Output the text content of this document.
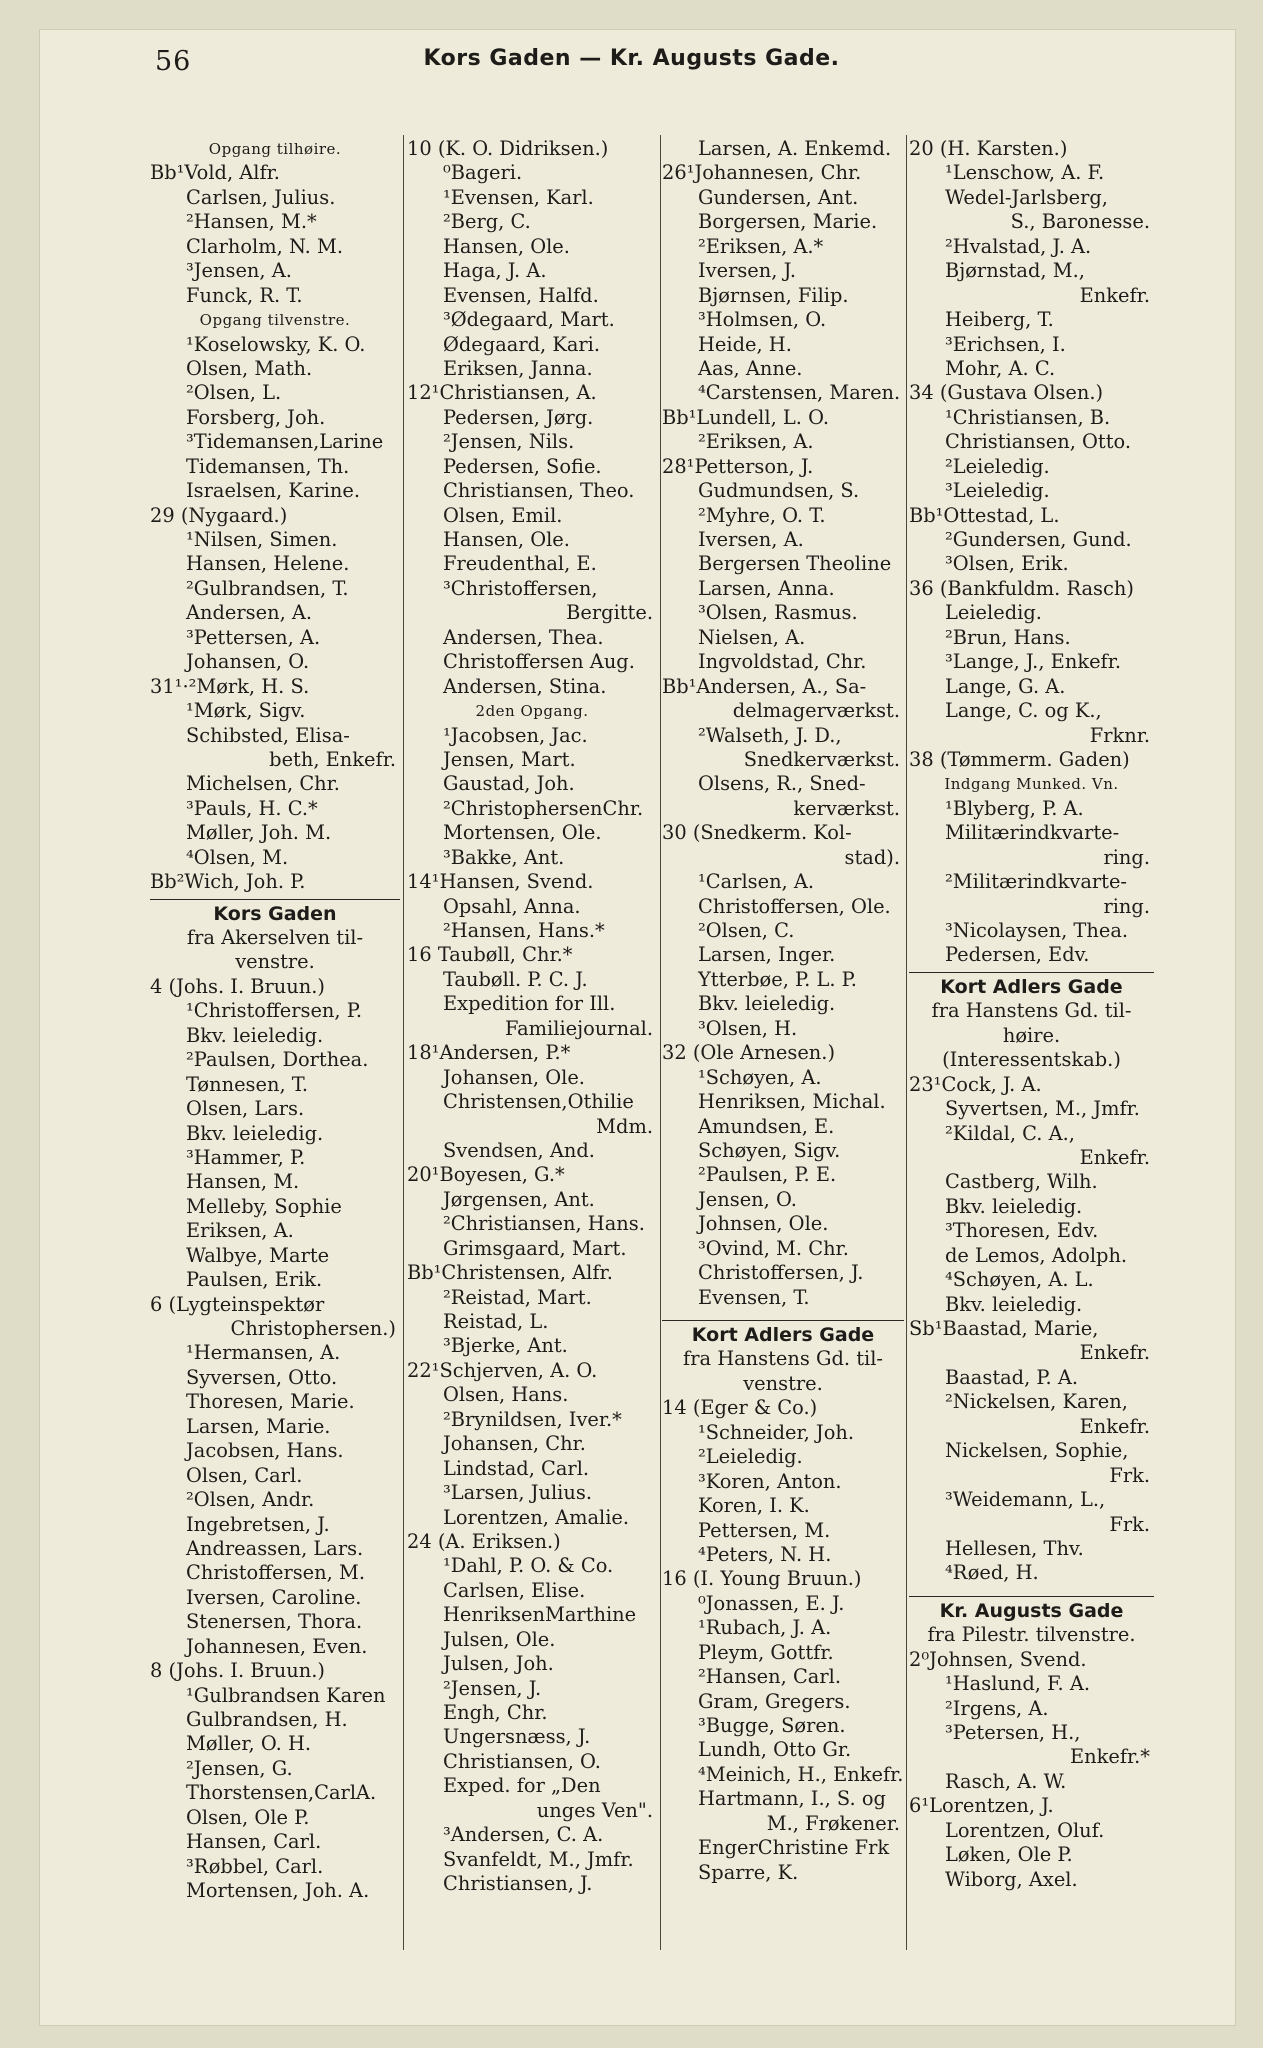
56	Kors Gaden — Kr. Augusts Gade.
Opgang tilhøire.
Bb¹Vold, Alfr.
Carlsen, Julius.
²Hansen, M.*
Clarholm, N. M.
³Jensen, A.
Funck, R. T.
Opgang tilvenstre.
¹Koselowsky, K. O.
Olsen, Math.
²Olsen, L.
Forsberg, Joh.
³Tidemansen,Larine
Tidemansen, Th.
Israelsen, Karine.
29 (Nygaard.)
¹Nilsen, Simen.
Hansen, Helene.
²Gulbrandsen, T.
Andersen, A.
³Pettersen, A.
Johansen, O.
31¹·²Mørk, H. S.
¹Mørk, Sigv.
Schibsted, Elisa-
beth, Enkefr.
Michelsen, Chr.
³Pauls, H. C.*
Møller, Joh. M.
⁴Olsen, M.
Bb²Wich, Joh. P.
Kors Gaden
fra Akerselven til-
venstre.
4 (Johs. I. Bruun.)
¹Christoffersen, P.
Bkv. leieledig.
²Paulsen, Dorthea.
Tønnesen, T.
Olsen, Lars.
Bkv. leieledig.
³Hammer, P.
Hansen, M.
Melleby, Sophie
Eriksen, A.
Walbye, Marte
Paulsen, Erik.
6 (Lygteinspektør
Christophersen.)
¹Hermansen, A.
Syversen, Otto.
Thoresen, Marie.
Larsen, Marie.
Jacobsen, Hans.
Olsen, Carl.
²Olsen, Andr.
Ingebretsen, J.
Andreassen, Lars.
Christoffersen, M.
Iversen, Caroline.
Stenersen, Thora.
Johannesen, Even.
8 (Johs. I. Bruun.)
¹Gulbrandsen Karen
Gulbrandsen, H.
Møller, O. H.
²Jensen, G.
Thorstensen,CarlA.
Olsen, Ole P.
Hansen, Carl.
³Røbbel, Carl.
Mortensen, Joh. A.
10 (K. O. Didriksen.)
⁰Bageri.
¹Evensen, Karl.
²Berg, C.
Hansen, Ole.
Haga, J. A.
Evensen, Halfd.
³Ødegaard, Mart.
Ødegaard, Kari.
Eriksen, Janna.
12¹Christiansen, A.
Pedersen, Jørg.
²Jensen, Nils.
Pedersen, Sofie.
Christiansen, Theo.
Olsen, Emil.
Hansen, Ole.
Freudenthal, E.
³Christoffersen,
Bergitte.
Andersen, Thea.
Christoffersen Aug.
Andersen, Stina.
2den Opgang.
¹Jacobsen, Jac.
Jensen, Mart.
Gaustad, Joh.
²ChristophersenChr.
Mortensen, Ole.
³Bakke, Ant.
14¹Hansen, Svend.
Opsahl, Anna.
²Hansen, Hans.*
16 Taubøll, Chr.*
Taubøll. P. C. J.
Expedition for Ill.
Familiejournal.
18¹Andersen, P.*
Johansen, Ole.
Christensen,Othilie
Mdm.
Svendsen, And.
20¹Boyesen, G.*
Jørgensen, Ant.
²Christiansen, Hans.
Grimsgaard, Mart.
Bb¹Christensen, Alfr.
²Reistad, Mart.
Reistad, L.
³Bjerke, Ant.
22¹Schjerven, A. O.
Olsen, Hans.
²Brynildsen, Iver.*
Johansen, Chr.
Lindstad, Carl.
³Larsen, Julius.
Lorentzen, Amalie.
24 (A. Eriksen.)
¹Dahl, P. O. & Co.
Carlsen, Elise.
HenriksenMarthine
Julsen, Ole.
Julsen, Joh.
²Jensen, J.
Engh, Chr.
Ungersnæss, J.
Christiansen, O.
Exped. for „Den
unges Ven".
³Andersen, C. A.
Svanfeldt, M., Jmfr.
Christiansen, J.
Larsen, A. Enkemd.
26¹Johannesen, Chr.
Gundersen, Ant.
Borgersen, Marie.
²Eriksen, A.*
Iversen, J.
Bjørnsen, Filip.
³Holmsen, O.
Heide, H.
Aas, Anne.
⁴Carstensen, Maren.
Bb¹Lundell, L. O.
²Eriksen, A.
28¹Petterson, J.
Gudmundsen, S.
²Myhre, O. T.
Iversen, A.
Bergersen Theoline
Larsen, Anna.
³Olsen, Rasmus.
Nielsen, A.
Ingvoldstad, Chr.
Bb¹Andersen, A., Sa-
delmagerværkst.
²Walseth, J. D.,
Snedkerværkst.
Olsens, R., Sned-
kerværkst.
30 (Snedkerm. Kol-
stad).
¹Carlsen, A.
Christoffersen, Ole.
²Olsen, C.
Larsen, Inger.
Ytterbøe, P. L. P.
Bkv. leieledig.
³Olsen, H.
32 (Ole Arnesen.)
¹Schøyen, A.
Henriksen, Michal.
Amundsen, E.
Schøyen, Sigv.
²Paulsen, P. E.
Jensen, O.
Johnsen, Ole.
³Ovind, M. Chr.
Christoffersen, J.
Evensen, T.
Kort Adlers Gade
fra Hanstens Gd. til-
venstre.
14 (Eger & Co.)
¹Schneider, Joh.
²Leieledig.
³Koren, Anton.
Koren, I. K.
Pettersen, M.
⁴Peters, N. H.
16 (I. Young Bruun.)
⁰Jonassen, E. J.
¹Rubach, J. A.
Pleym, Gottfr.
²Hansen, Carl.
Gram, Gregers.
³Bugge, Søren.
Lundh, Otto Gr.
⁴Meinich, H., Enkefr.
Hartmann, I., S. og
M., Frøkener.
EngerChristine Frk
Sparre, K.
20 (H. Karsten.)
¹Lenschow, A. F.
Wedel-Jarlsberg,
S., Baronesse.
²Hvalstad, J. A.
Bjørnstad, M.,
Enkefr.
Heiberg, T.
³Erichsen, I.
Mohr, A. C.
34 (Gustava Olsen.)
¹Christiansen, B.
Christiansen, Otto.
²Leieledig.
³Leieledig.
Bb¹Ottestad, L.
²Gundersen, Gund.
³Olsen, Erik.
36 (Bankfuldm. Rasch)
Leieledig.
²Brun, Hans.
³Lange, J., Enkefr.
Lange, G. A.
Lange, C. og K.,
Frknr.
38 (Tømmerm. Gaden)
Indgang Munked. Vn.
¹Blyberg, P. A.
Militærindkvarte-
ring.
²Militærindkvarte-
ring.
³Nicolaysen, Thea.
Pedersen, Edv.
Kort Adlers Gade
fra Hanstens Gd. til-
høire.
(Interessentskab.)
23¹Cock, J. A.
Syvertsen, M., Jmfr.
²Kildal, C. A.,
Enkefr.
Castberg, Wilh.
Bkv. leieledig.
³Thoresen, Edv.
de Lemos, Adolph.
⁴Schøyen, A. L.
Bkv. leieledig.
Sb¹Baastad, Marie,
Enkefr.
Baastad, P. A.
²Nickelsen, Karen,
Enkefr.
Nickelsen, Sophie,
Frk.
³Weidemann, L.,
Frk.
Hellesen, Thv.
⁴Røed, H.
Kr. Augusts Gade
fra Pilestr. tilvenstre.
2⁰Johnsen, Svend.
¹Haslund, F. A.
²Irgens, A.
³Petersen, H.,
Enkefr.*
Rasch, A. W.
6¹Lorentzen, J.
Lorentzen, Oluf.
Løken, Ole P.
Wiborg, Axel.
